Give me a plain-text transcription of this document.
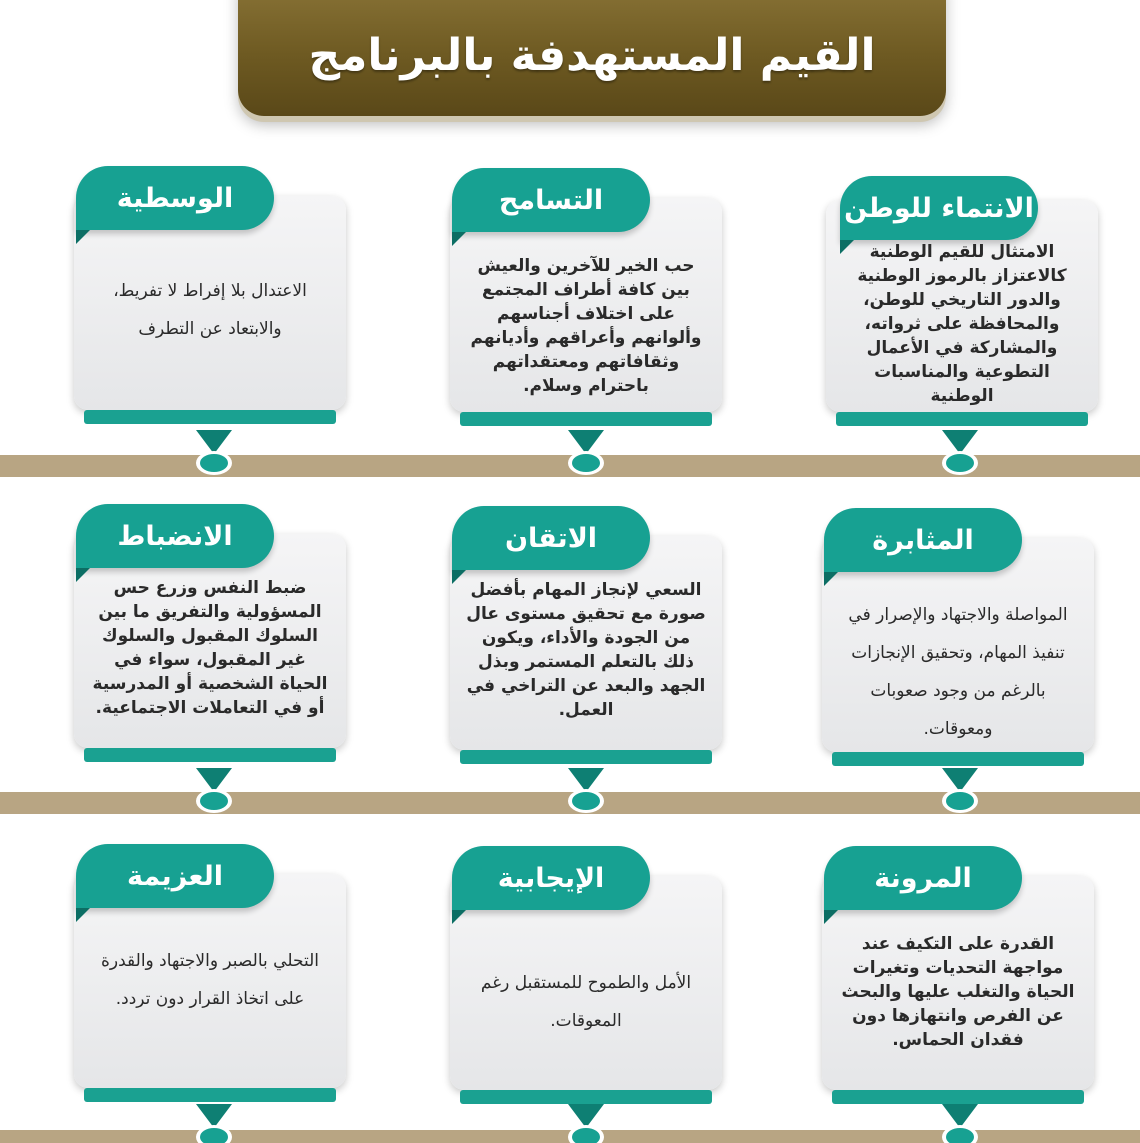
القيم المستهدفة بالبرنامج
الانتماء للوطن
الامتثال للقيم الوطنية كالاعتزاز بالرموز الوطنية والدور التاريخي للوطن، والمحافظة على ثرواته، والمشاركة في الأعمال التطوعية والمناسبات الوطنية
التسامح
حب الخير للآخرين والعيش بين كافة أطراف المجتمع على اختلاف أجناسهم وألوانهم وأعراقهم وأديانهم وثقافاتهم ومعتقداتهم باحترام وسلام.
الوسطية
الاعتدال بلا إفراط لا تفريط، والابتعاد عن التطرف
المثابرة
المواصلة والاجتهاد والإصرار في تنفيذ المهام، وتحقيق الإنجازات بالرغم من وجود صعوبات ومعوقات.
الاتقان
السعي لإنجاز المهام بأفضل صورة مع تحقيق مستوى عال من الجودة والأداء، ويكون ذلك بالتعلم المستمر وبذل الجهد والبعد عن التراخي في العمل.
الانضباط
ضبط النفس وزرع حس المسؤولية والتفريق ما بين السلوك المقبول والسلوك غير المقبول، سواء في الحياة الشخصية أو المدرسية أو في التعاملات الاجتماعية.
المرونة
القدرة على التكيف عند مواجهة التحديات وتغيرات الحياة والتغلب عليها والبحث عن الفرص وانتهازها دون فقدان الحماس.
الإيجابية
الأمل والطموح للمستقبل رغم المعوقات.
العزيمة
التحلي بالصبر والاجتهاد والقدرة على اتخاذ القرار دون تردد.
